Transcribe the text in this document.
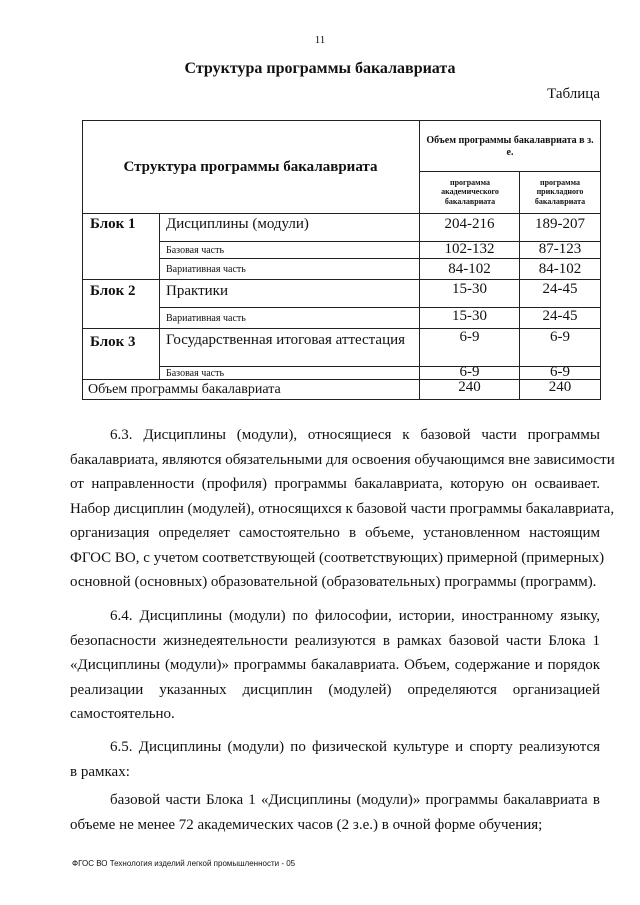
11
Структура программы бакалавриата
Таблица
Структура программы бакалавриата
Объем программы бакалавриата в з. е.
программа академического бакалавриата
программа прикладного бакалавриата
Блок 1	Дисциплины (модули)	204-216	189-207
Базовая часть	102-132	87-123
Вариативная часть	84-102	84-102
Блок 2	Практики	15-30	24-45
Вариативная часть	15-30	24-45
Блок 3	Государственная итоговая аттестация	6-9	6-9
Базовая часть	6-9	6-9
Объем программы бакалавриата	240	240
6.3. Дисциплины (модули), относящиеся к базовой части программы
бакалавриата, являются обязательными для освоения обучающимся вне зависимости
от направленности (профиля) программы бакалавриата, которую он осваивает.
Набор дисциплин (модулей), относящихся к базовой части программы бакалавриата,
организация определяет самостоятельно в объеме, установленном настоящим
ФГОС ВО, с учетом соответствующей (соответствующих) примерной (примерных)
основной (основных) образовательной (образовательных) программы (программ).
6.4. Дисциплины (модули) по философии, истории, иностранному языку,
безопасности жизнедеятельности реализуются в рамках базовой части Блока 1
«Дисциплины (модули)» программы бакалавриата. Объем, содержание и порядок
реализации указанных дисциплин (модулей) определяются организацией
самостоятельно.
6.5. Дисциплины (модули) по физической культуре и спорту реализуются
в рамках:
базовой части Блока 1 «Дисциплины (модули)» программы бакалавриата в
объеме не менее 72 академических часов (2 з.е.) в очной форме обучения;
ФГОС ВО Технология изделий легкой промышленности - 05
